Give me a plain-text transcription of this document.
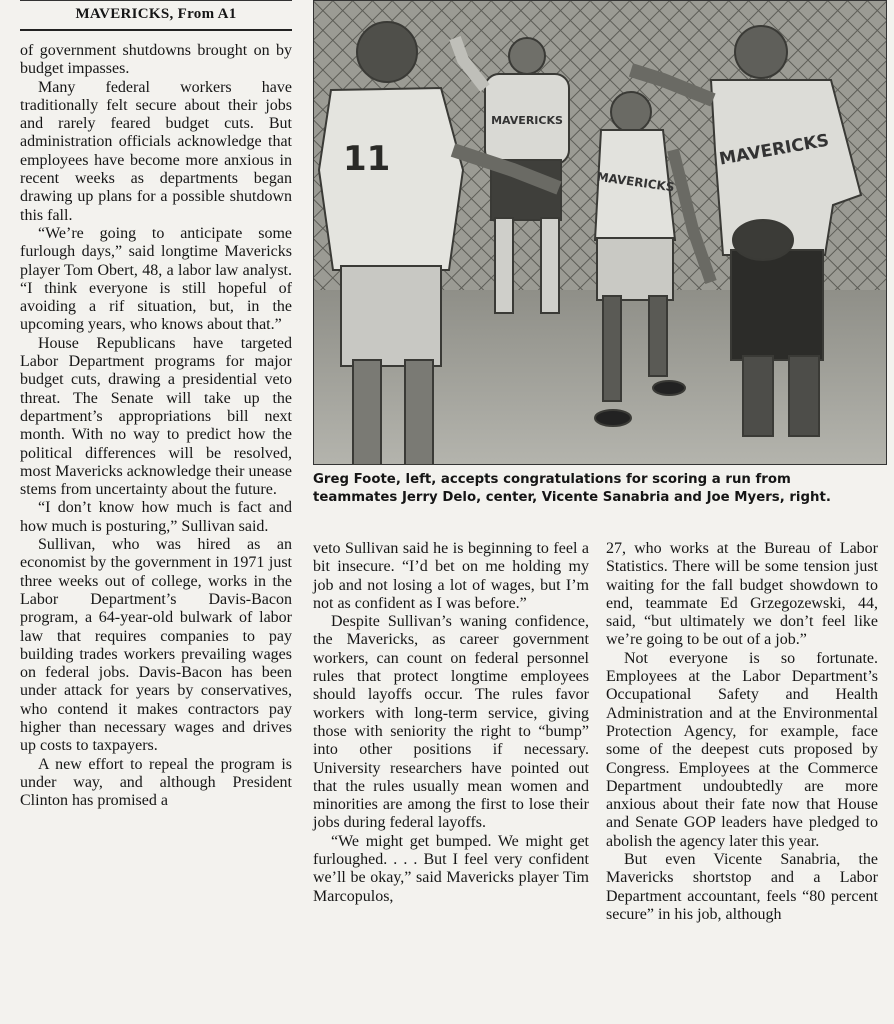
MAVERICKS, From A1

of government shutdowns brought on by budget impasses.

Many federal workers have traditionally felt secure about their jobs and rarely feared budget cuts. But administration officials acknowledge that employees have become more anxious in recent weeks as departments began drawing up plans for a possible shutdown this fall.

“We’re going to anticipate some furlough days,” said longtime Mavericks player Tom Obert, 48, a labor law analyst. “I think everyone is still hopeful of avoiding a rif situation, but, in the upcoming years, who knows about that.”

House Republicans have targeted Labor Department programs for major budget cuts, drawing a presidential veto threat. The Senate will take up the department’s appropriations bill next month. With no way to predict how the political differences will be resolved, most Mavericks acknowledge their unease stems from uncertainty about the future.

“I don’t know how much is fact and how much is posturing,” Sullivan said.

Sullivan, who was hired as an economist by the government in 1971 just three weeks out of college, works in the Labor Department’s Davis-Bacon program, a 64-year-old bulwark of labor law that requires companies to pay building trades workers prevailing wages on federal jobs. Davis-Bacon has been under attack for years by conservatives, who contend it makes contractors pay higher than necessary wages and drives up costs to taxpayers.

A new effort to repeal the program is under way, and although President Clinton has promised a

MAVERICKS
MAVERICKS
MAVERICKS
11
Greg Foote, left, accepts congratulations for scoring a run from
teammates Jerry Delo, center, Vicente Sanabria and Joe Myers, right.

veto Sullivan said he is beginning to feel a bit insecure. “I’d bet on me holding my job and not losing a lot of wages, but I’m not as confident as I was before.”

Despite Sullivan’s waning confidence, the Mavericks, as career government workers, can count on federal personnel rules that protect longtime employees should layoffs occur. The rules favor workers with long-term service, giving those with seniority the right to “bump” into other positions if necessary. University researchers have pointed out that the rules usually mean women and minorities are among the first to lose their jobs during federal layoffs.

“We might get bumped. We might get furloughed. . . . But I feel very confident we’ll be okay,” said Mavericks player Tim Marcopulos,

27, who works at the Bureau of Labor Statistics. There will be some tension just waiting for the fall budget showdown to end, teammate Ed Grzegozewski, 44, said, “but ultimately we don’t feel like we’re going to be out of a job.”

Not everyone is so fortunate. Employees at the Labor Department’s Occupational Safety and Health Administration and at the Environmental Protection Agency, for example, face some of the deepest cuts proposed by Congress. Employees at the Commerce Department undoubtedly are more anxious about their fate now that House and Senate GOP leaders have pledged to abolish the agency later this year.

But even Vicente Sanabria, the Mavericks shortstop and a Labor Department accountant, feels “80 percent secure” in his job, although
